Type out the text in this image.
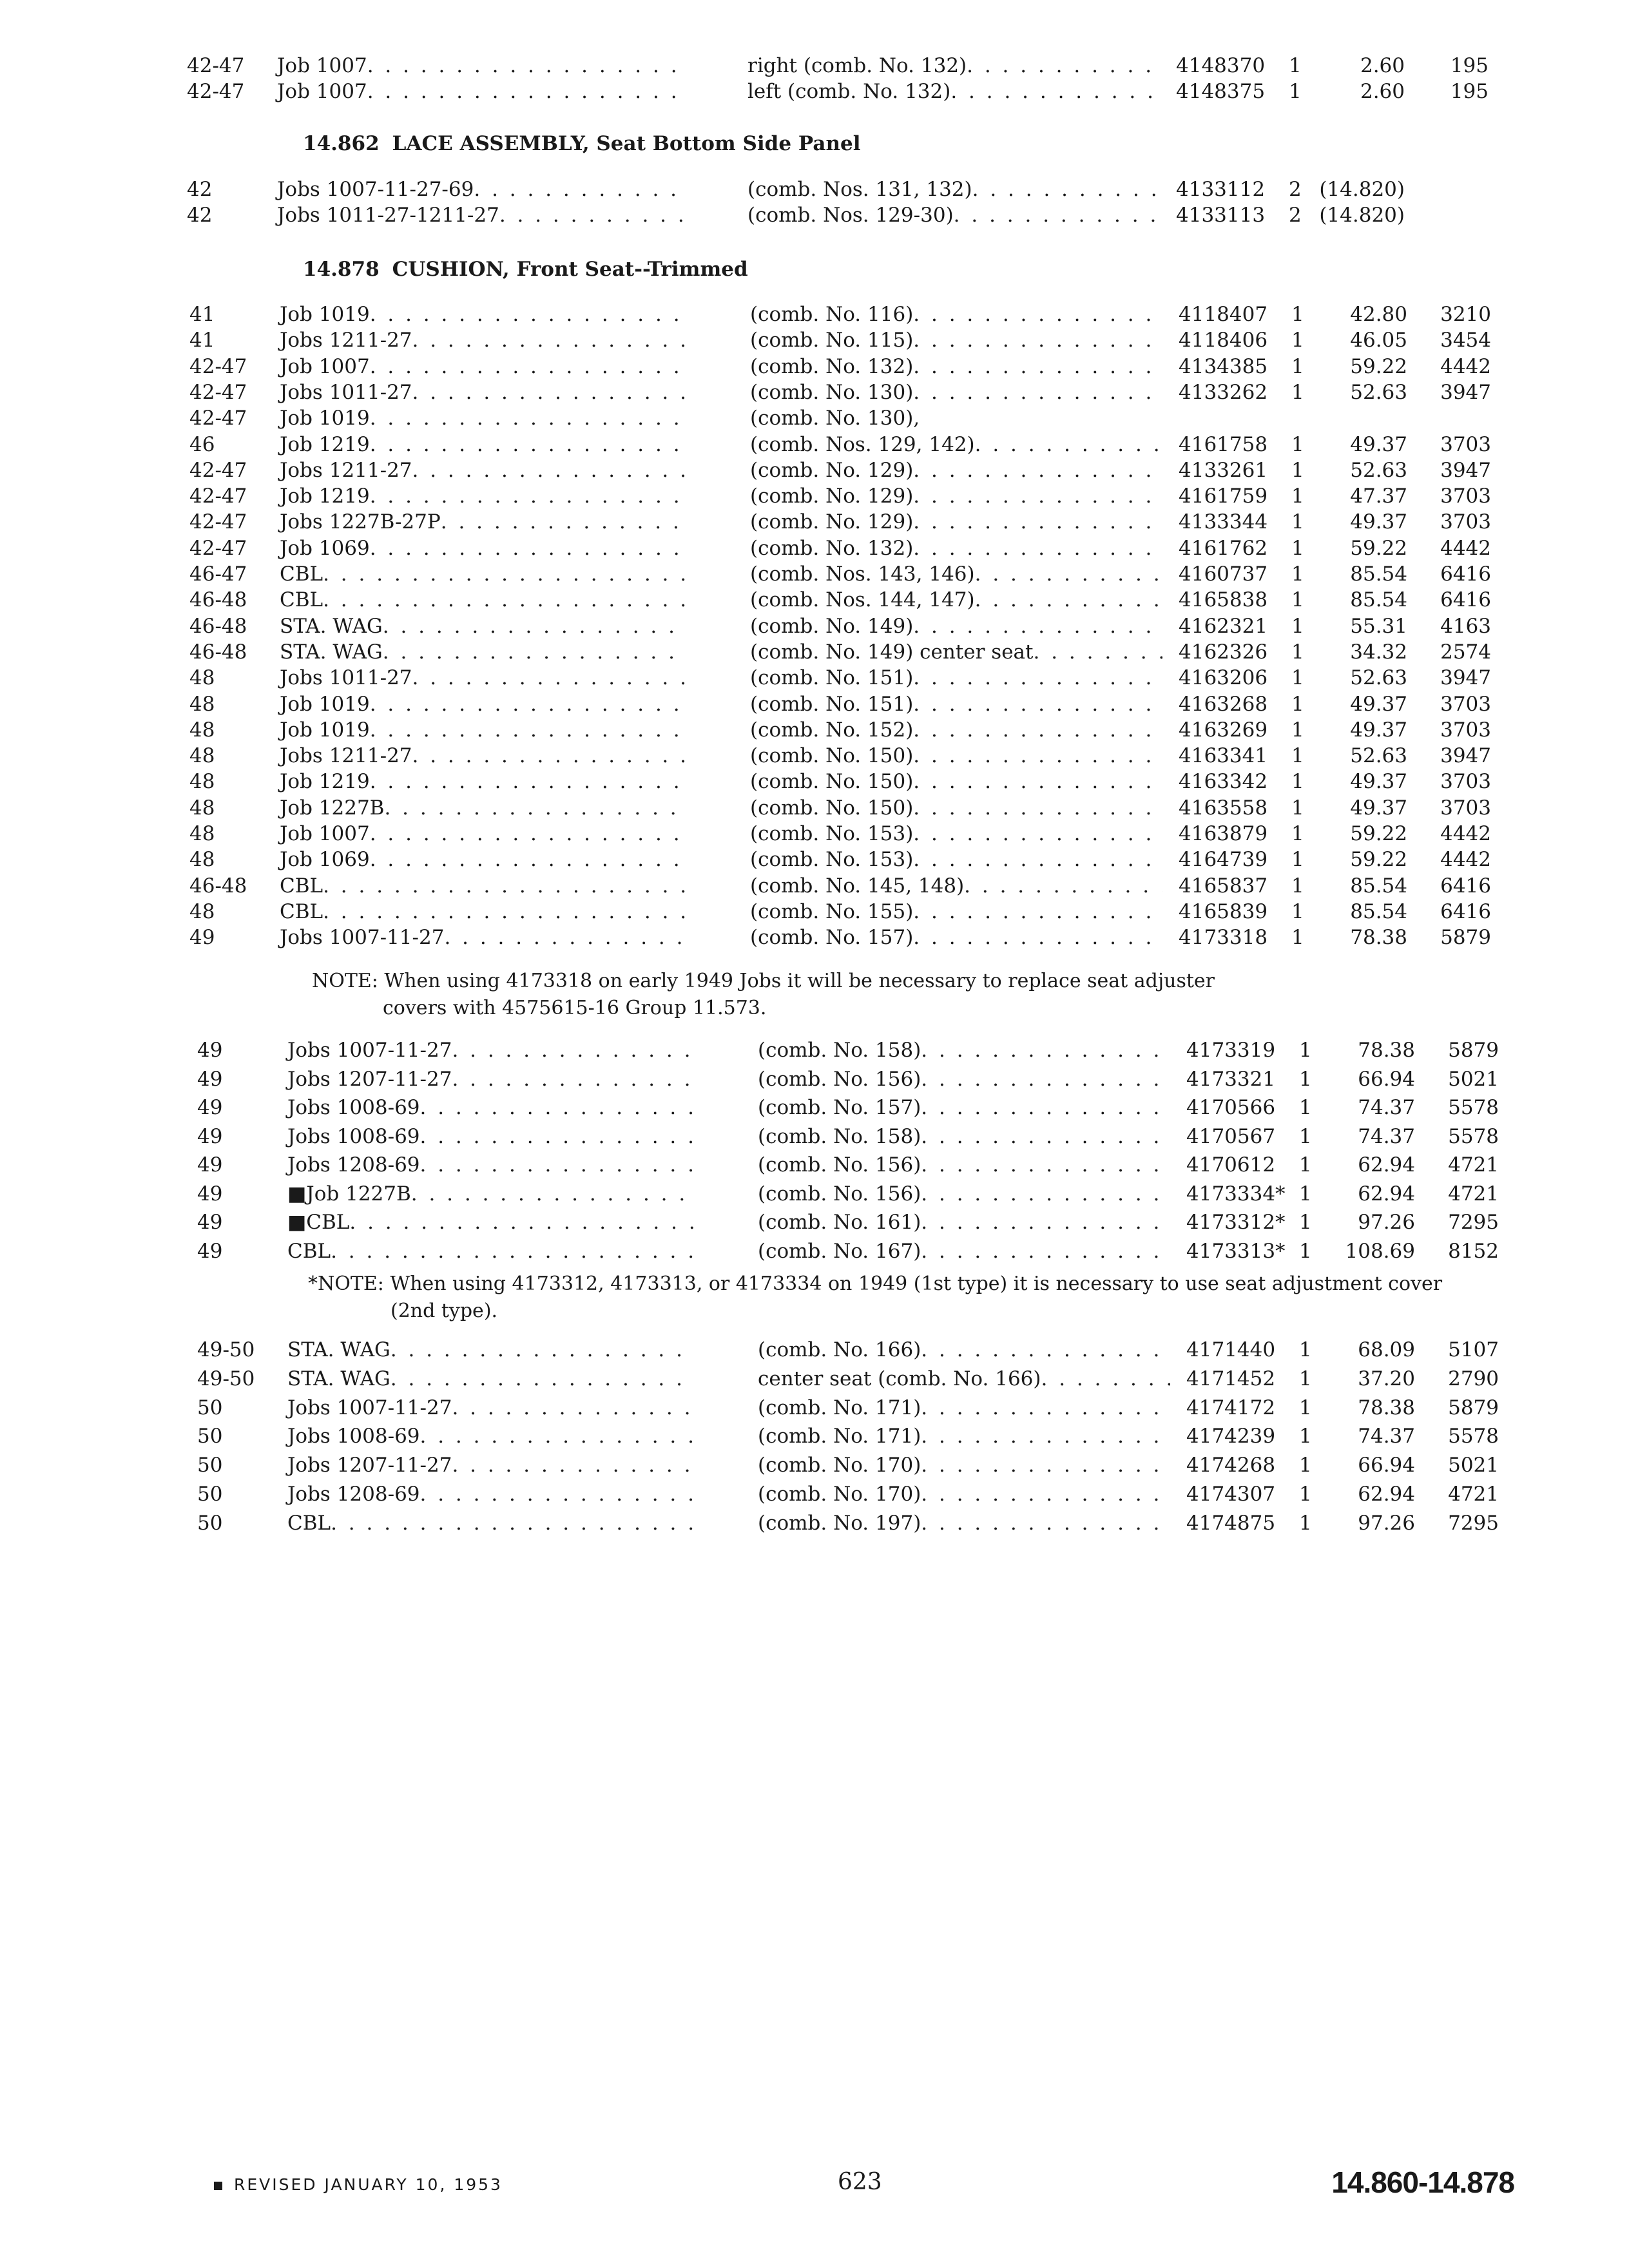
14.862 LACE ASSEMBLY, Seat Bottom Side Panel
14.878 CUSHION, Front Seat--Trimmed
NOTE: When using 4173318 on early 1949 Jobs it will be necessary to replace seat adjuster
covers with 4575615-16 Group 11.573.
*NOTE: When using 4173312, 4173313, or 4173334 on 1949 (1st type) it is necessary to use seat adjustment cover
(2nd type).
REVISED JANUARY 10, 1953	623	14.860-14.878
42-47 Job 1007 . . .	right (comb. No. 132) . . .	4148370 1	2.60 195
42-47 Job 1007 . . .	left (comb. No. 132) . . .	4148375 1	2.60 195
42	Jobs 1007-11-27-69 . . .	(comb. Nos. 131, 132) . . .	4133112 2 (14.820)
42	Jobs 1011-27-1211-27 . . .	(comb. Nos. 129-30) . . .	4133113 2 (14.820)
41	Job 1019 . . .	(comb. No. 116) . . .	4118407 1 42.80 3210
41	Jobs 1211-27 . . .	(comb. No. 115) . . .	4118406 1 46.05 3454
42-47 Job 1007 . . .	(comb. No. 132) . . .	4134385 1 59.22 4442
42-47 Jobs 1011-27 . . .	(comb. No. 130) . . .	4133262 1 52.63 3947
42-47 Job 1019 . . .	(comb. No. 130),
46	Job 1219 . . .	(comb. Nos. 129, 142) . . .	4161758 1 49.37 3703
42-47 Jobs 1211-27 . . .	(comb. No. 129) . . .	4133261 1 52.63 3947
42-47 Job 1219 . . .	(comb. No. 129) . . .	4161759 1 47.37 3703
42-47 Jobs 1227B-27P . . .	(comb. No. 129) . . .	4133344 1 49.37 3703
42-47 Job 1069 . . .	(comb. No. 132) . . .	4161762 1 59.22 4442
46-47 CBL . . .	(comb. Nos. 143, 146) . . .	4160737 1 85.54 6416
46-48 CBL . . .	(comb. Nos. 144, 147) . . .	4165838 1 85.54 6416
46-48 STA. WAG . . .	(comb. No. 149) . . .	4162321 1 55.31 4163
46-48 STA. WAG . . .	(comb. No. 149) center seat . . .	4162326 1 34.32 2574
48	Jobs 1011-27 . . .	(comb. No. 151) . . .	4163206 1 52.63 3947
48	Job 1019 . . .	(comb. No. 151) . . .	4163268 1 49.37 3703
48	Job 1019 . . .	(comb. No. 152) . . .	4163269 1 49.37 3703
48	Jobs 1211-27 . . .	(comb. No. 150) . . .	4163341 1 52.63 3947
48	Job 1219 . . .	(comb. No. 150) . . .	4163342 1 49.37 3703
48	Job 1227B . . .	(comb. No. 150) . . .	4163558 1 49.37 3703
48	Job 1007 . . .	(comb. No. 153) . . .	4163879 1 59.22 4442
48	Job 1069 . . .	(comb. No. 153) . . .	4164739 1 59.22 4442
46-48 CBL . . .	(comb. No. 145, 148) . . .	4165837 1 85.54 6416
48	CBL . . .	(comb. No. 155) . . .	4165839 1 85.54 6416
49	Jobs 1007-11-27 . . .	(comb. No. 157) . . .	4173318 1 78.38 5879
49	Jobs 1007-11-27 . . .	(comb. No. 158) . . .	4173319 1 78.38 5879
49	Jobs 1207-11-27 . . .	(comb. No. 156) . . .	4173321 1 66.94 5021
49	Jobs 1008-69 . . .	(comb. No. 157) . . .	4170566 1 74.37 5578
49	Jobs 1008-69 . . .	(comb. No. 158) . . .	4170567 1 74.37 5578
49	Jobs 1208-69 . . .	(comb. No. 156) . . .	4170612 1 62.94 4721
49	■Job 1227B . . .	(comb. No. 156) . . .	4173334* 1 62.94 4721
49	■CBL . . .	(comb. No. 161) . . .	4173312* 1 97.26 7295
49	CBL . . .	(comb. No. 167) . . .	4173313* 1 108.69 8152
49-50 STA. WAG . . .	(comb. No. 166) . . .	4171440 1 68.09 5107
49-50 STA. WAG . . .	center seat (comb. No. 166) . . .	4171452 1 37.20 2790
50	Jobs 1007-11-27 . . .	(comb. No. 171) . . .	4174172 1 78.38 5879
50	Jobs 1008-69 . . .	(comb. No. 171) . . .	4174239 1 74.37 5578
50	Jobs 1207-11-27 . . .	(comb. No. 170) . . .	4174268 1 66.94 5021
50	Jobs 1208-69 . . .	(comb. No. 170) . . .	4174307 1 62.94 4721
50	CBL . . .	(comb. No. 197) . . .	4174875 1 97.26 7295
